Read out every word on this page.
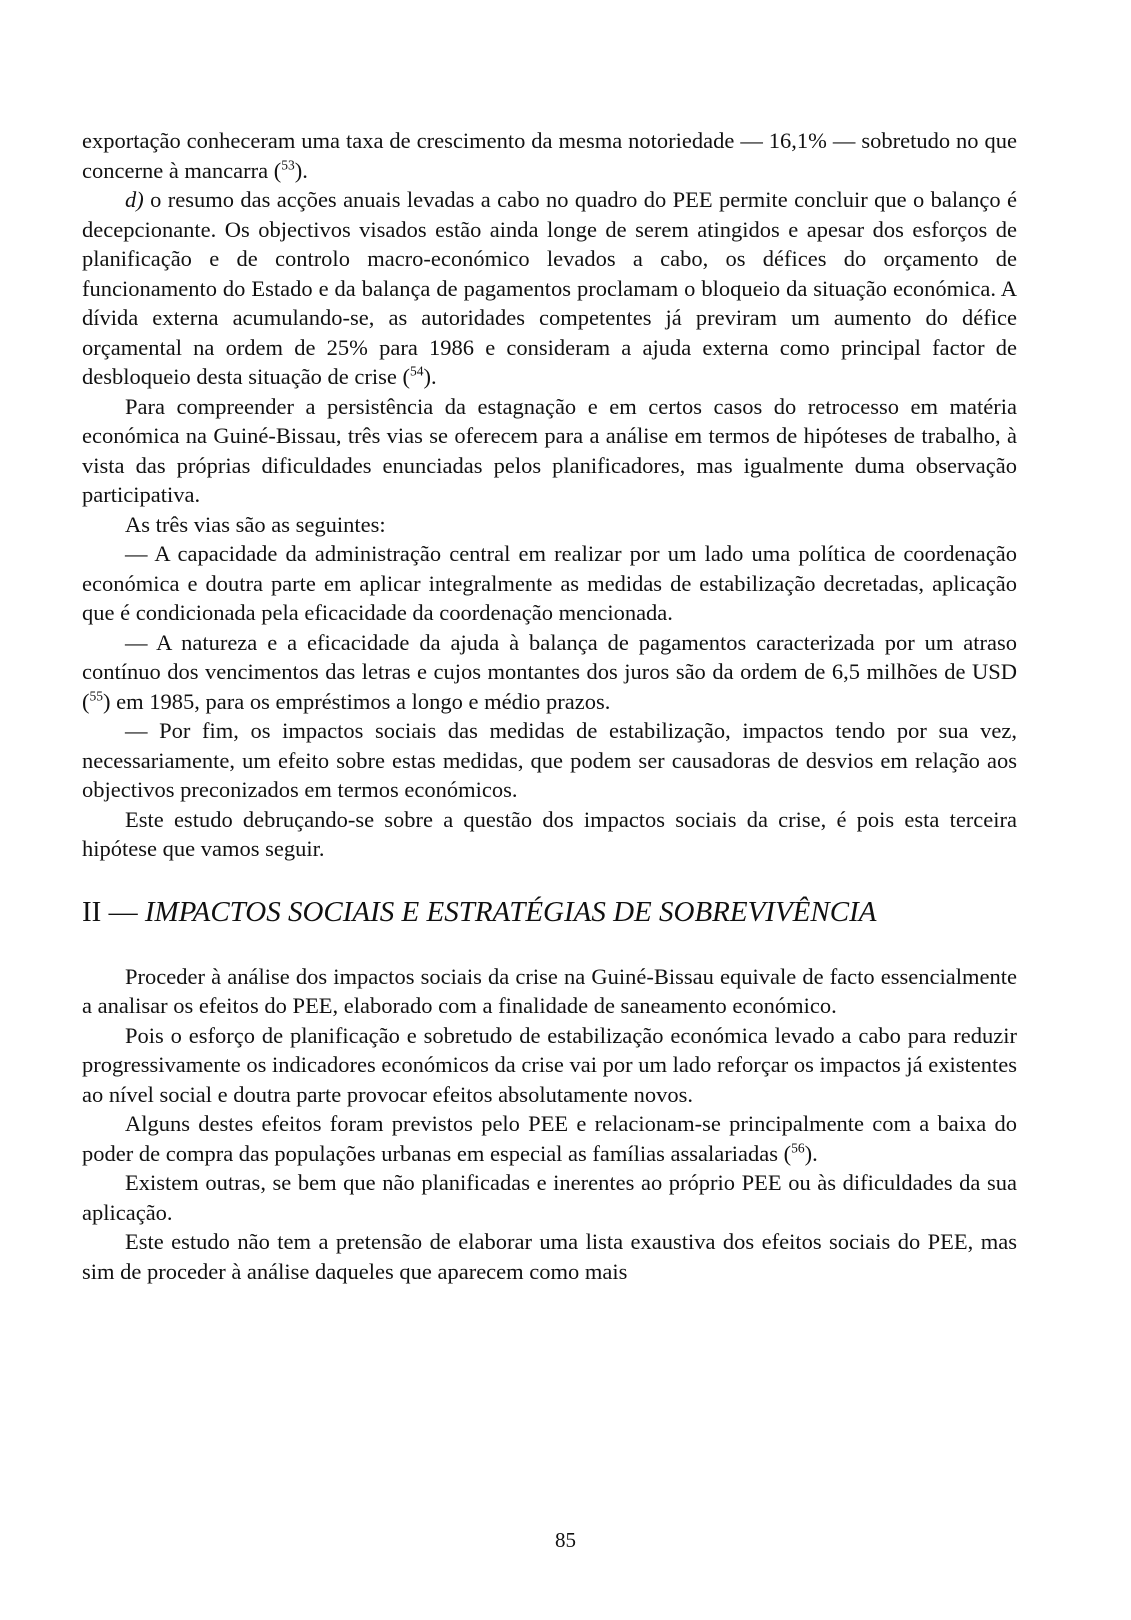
exportação conheceram uma taxa de crescimento da mesma notoriedade — 16,1% — sobretudo no que concerne à mancarra ($^{53}$).

d) o resumo das acções anuais levadas a cabo no quadro do PEE permite concluir que o balanço é decepcionante. Os objectivos visados estão ainda longe de serem atingidos e apesar dos esforços de planificação e de controlo macro-económico levados a cabo, os défices do orçamento de funcionamento do Estado e da balança de pagamentos proclamam o bloqueio da situação económica. A dívida externa acumulando-se, as autoridades competentes já previram um aumento do défice orçamental na ordem de 25% para 1986 e consideram a ajuda externa como principal factor de desbloqueio desta situação de crise ($^{54}$).

Para compreender a persistência da estagnação e em certos casos do retrocesso em matéria económica na Guiné-Bissau, três vias se oferecem para a análise em termos de hipóteses de trabalho, à vista das próprias dificuldades enunciadas pelos planificadores, mas igualmente duma observação participativa.

As três vias são as seguintes:

— A capacidade da administração central em realizar por um lado uma política de coordenação económica e doutra parte em aplicar integralmente as medidas de estabilização decretadas, aplicação que é condicionada pela eficacidade da coordenação mencionada.

— A natureza e a eficacidade da ajuda à balança de pagamentos caracterizada por um atraso contínuo dos vencimentos das letras e cujos montantes dos juros são da ordem de 6,5 milhões de USD ($^{55}$) em 1985, para os empréstimos a longo e médio prazos.

— Por fim, os impactos sociais das medidas de estabilização, impactos tendo por sua vez, necessariamente, um efeito sobre estas medidas, que podem ser causadoras de desvios em relação aos objectivos preconizados em termos económicos.

Este estudo debruçando-se sobre a questão dos impactos sociais da crise, é pois esta terceira hipótese que vamos seguir.

II — IMPACTOS SOCIAIS E ESTRATÉGIAS DE SOBREVIVÊNCIA

Proceder à análise dos impactos sociais da crise na Guiné-Bissau equivale de facto essencialmente a analisar os efeitos do PEE, elaborado com a finalidade de saneamento económico.

Pois o esforço de planificação e sobretudo de estabilização económica levado a cabo para reduzir progressivamente os indicadores económicos da crise vai por um lado reforçar os impactos já existentes ao nível social e doutra parte provocar efeitos absolutamente novos.

Alguns destes efeitos foram previstos pelo PEE e relacionam-se principalmente com a baixa do poder de compra das populações urbanas em especial as famílias assalariadas ($^{56}$).

Existem outras, se bem que não planificadas e inerentes ao próprio PEE ou às dificuldades da sua aplicação.

Este estudo não tem a pretensão de elaborar uma lista exaustiva dos efeitos sociais do PEE, mas sim de proceder à análise daqueles que aparecem como mais

85
